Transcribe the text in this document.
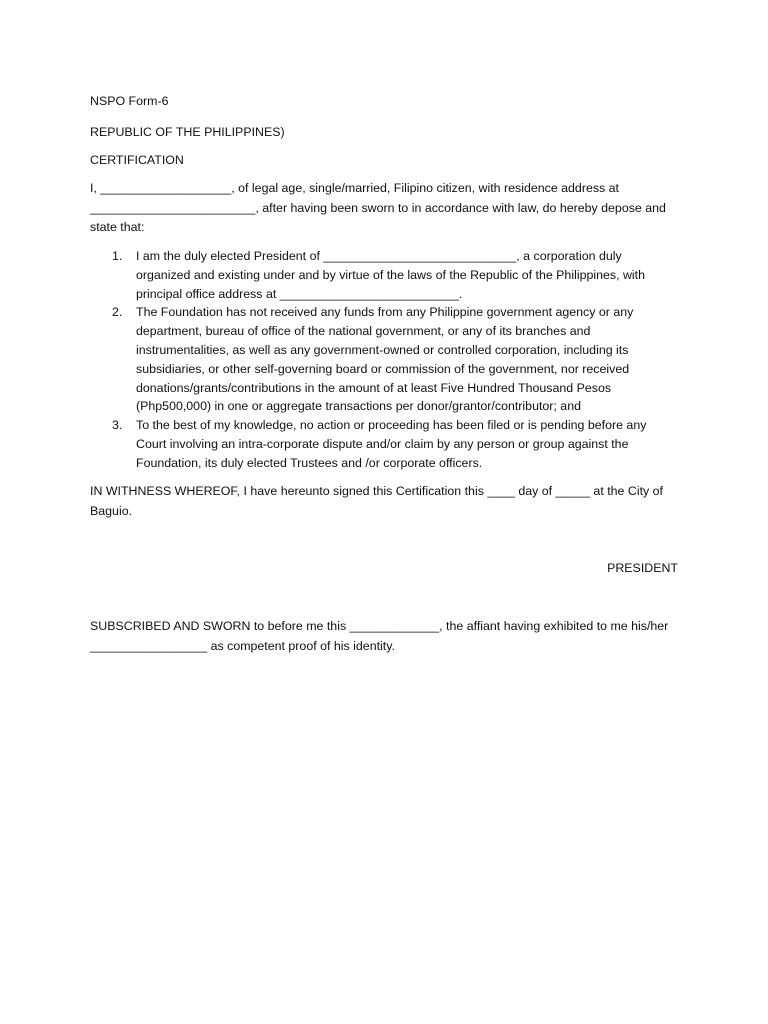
NSPO Form-6
REPUBLIC OF THE PHILIPPINES)
CERTIFICATION

I, ___________________, of legal age, single/married, Filipino citizen, with residence address at

________________________, after having been sworn to in accordance with law, do hereby depose and

state that:

1. I am the duly elected President of ____________________________, a corporation duly
organized and existing under and by virtue of the laws of the Republic of the Philippines, with
principal office address at __________________________.
2. The Foundation has not received any funds from any Philippine government agency or any
department, bureau of office of the national government, or any of its branches and
instrumentalities, as well as any government-owned or controlled corporation, including its
subsidiaries, or other self-governing board or commission of the government, nor received
donations/grants/contributions in the amount of at least Five Hundred Thousand Pesos
(Php500,000) in one or aggregate transactions per donor/grantor/contributor; and
3. To the best of my knowledge, no action or proceeding has been filed or is pending before any
Court involving an intra-corporate dispute and/or claim by any person or group against the
Foundation, its duly elected Trustees and /or corporate officers.

IN WITHNESS WHEREOF, I have hereunto signed this Certification this ____ day of _____ at the City of

Baguio.

PRESIDENT

SUBSCRIBED AND SWORN to before me this _____________, the affiant having exhibited to me his/her

_________________ as competent proof of his identity.
